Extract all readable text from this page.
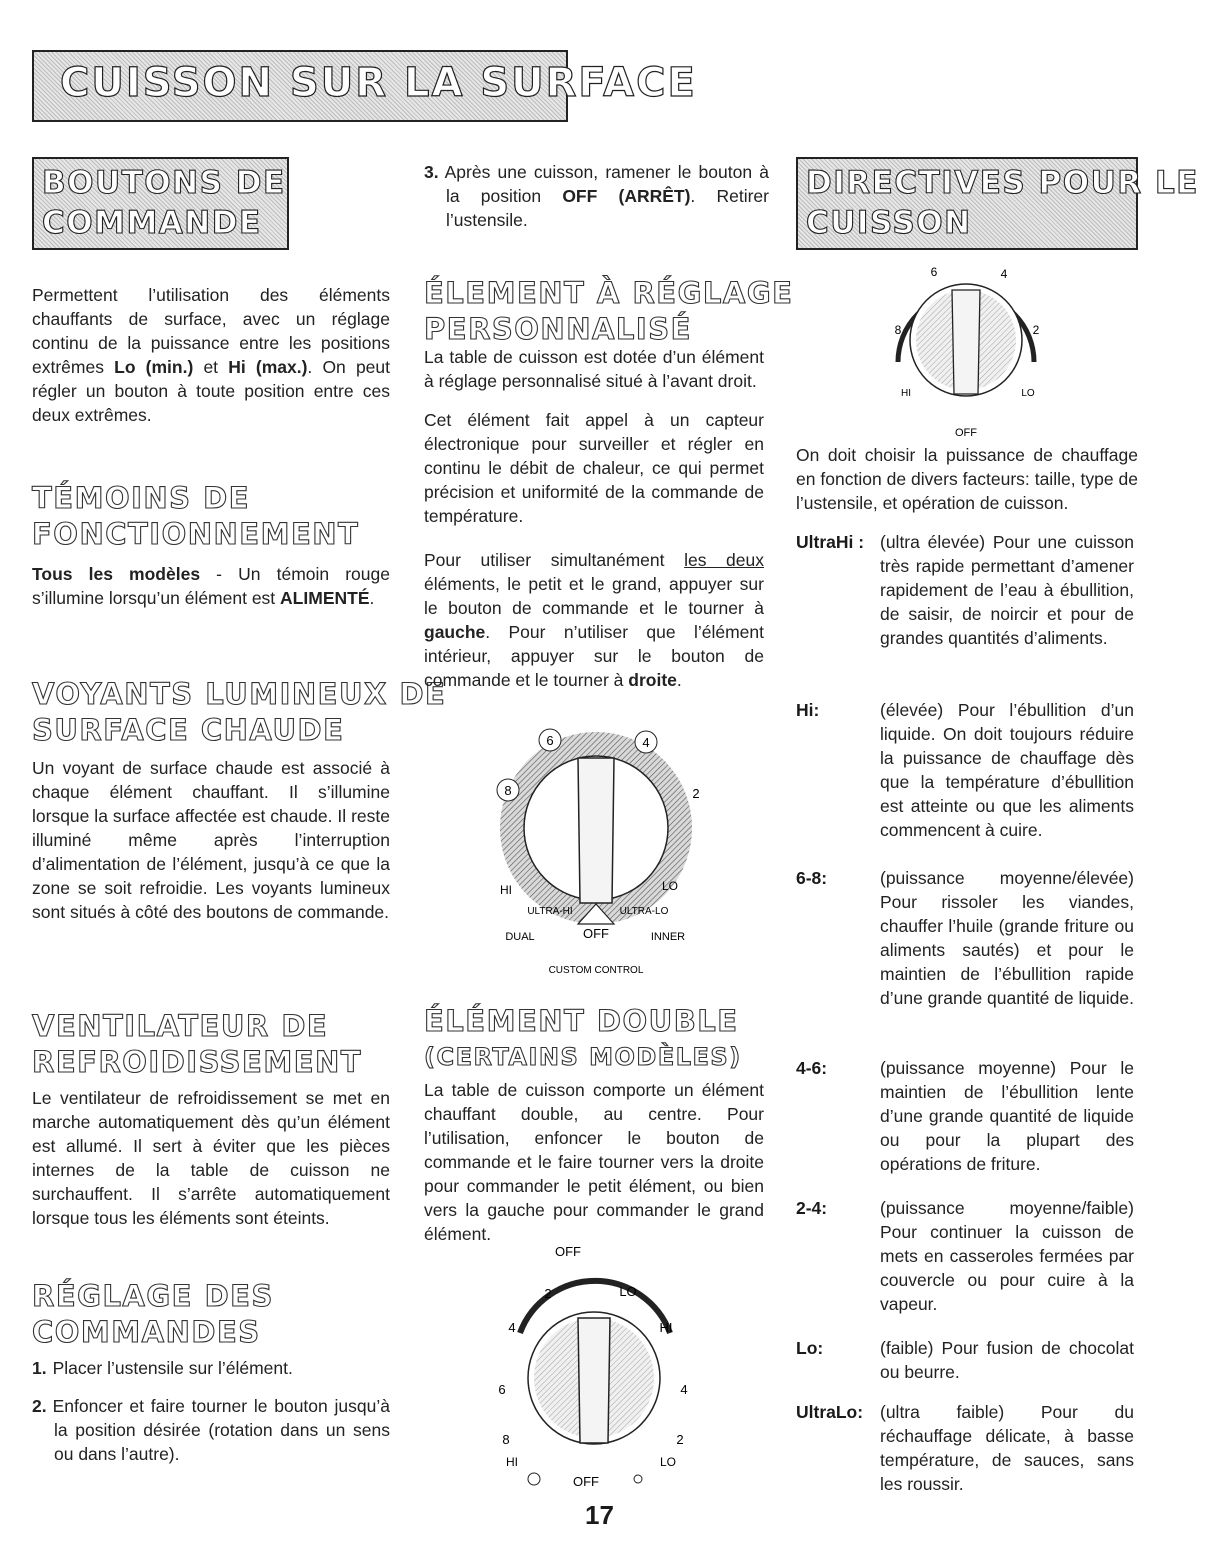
CUISSON SUR LA SURFACE
BOUTONS DE
COMMANDE
Permettent l’utilisation des éléments chauffants de surface, avec un réglage continu de la puissance entre les positions extrêmes Lo (min.) et Hi (max.). On peut régler un bouton à toute position entre ces deux extrêmes.
TÉMOINS DE
FONCTIONNEMENT
Tous les modèles - Un témoin rouge s’illumine lorsqu’un élément est ALIMENTÉ.
VOYANTS LUMINEUX DE
SURFACE CHAUDE
Un voyant de surface chaude est associé à chaque élément chauffant. Il s’illumine lorsque la surface affectée est chaude. Il reste illuminé même après l’interruption d’alimentation de l’élément, jusqu’à ce que la zone se soit refroidie. Les voyants lumineux sont situés à côté des boutons de commande.
VENTILATEUR DE
REFROIDISSEMENT
Le ventilateur de refroidissement se met en marche automatiquement dès qu’un élément est allumé. Il sert à éviter que les pièces internes de la table de cuisson ne surchauffent. Il s’arrête automatiquement lorsque tous les éléments sont éteints.
RÉGLAGE DES
COMMANDES
1. Placer l’ustensile sur l’élément.
2. Enfoncer et faire tourner le bouton jusqu’à la position désirée (rotation dans un sens ou dans l’autre).
3. Après une cuisson, ramener le bouton à la position OFF (ARRÊT). Retirer l’ustensile.
ÉLEMENT À RÉGLAGE
PERSONNALISÉ
La table de cuisson est dotée d’un élément à réglage personnalisé situé à l’avant droit.
Cet élément fait appel à un capteur électronique pour surveiller et régler en continu le débit de chaleur, ce qui permet précision et uniformité de la commande de température.
Pour utiliser simultanément les deux éléments, le petit et le grand, appuyer sur le bouton de commande et le tourner à gauche. Pour n’utiliser que l’élément intérieur, appuyer sur le bouton de commande et le tourner à droite.
6	4
8	2
HI	LO
ULTRA-HI	ULTRA-LO
DUAL	OFF	INNER
CUSTOM CONTROL
ÉLÉMENT DOUBLE
(CERTAINS MODÈLES)
La table de cuisson comporte un élément chauffant double, au centre. Pour l’utilisation, enfoncer le bouton de commande et le faire tourner vers la droite pour commander le petit élément, ou bien vers la gauche pour commander le grand élément.
OFF
2	LO
4	HI
6	4
8	2
HI	LO
OFF
DIRECTIVES POUR LE
CUISSON
6	4
8	2
HI	LO
OFF
On doit choisir la puissance de chauffage en fonction de divers facteurs: taille, type de l’ustensile, et opération de cuisson.
UltraHi : (ultra élevée) Pour une cuisson très rapide permettant d’amener rapidement de l’eau à ébullition, de saisir, de noircir et pour de grandes quantités d’aliments.
Hi:	(élevée) Pour l’ébullition d’un liquide. On doit toujours réduire la puissance de chauffage dès que la température d’ébullition est atteinte ou que les aliments commencent à cuire.
6-8:	(puissance moyenne/élevée) Pour rissoler les viandes, chauffer l’huile (grande friture ou aliments sautés) et pour le maintien de l’ébullition rapide d’une grande quantité de liquide.
4-6:	(puissance moyenne) Pour le maintien de l’ébullition lente d’une grande quantité de liquide ou pour la plupart des opérations de friture.
2-4:	(puissance moyenne/faible) Pour continuer la cuisson de mets en casseroles fermées par couvercle ou pour cuire à la vapeur.
Lo:	(faible) Pour fusion de chocolat ou beurre.
UltraLo: (ultra faible) Pour du réchauffage délicate, à basse température, de sauces, sans les roussir.
17
